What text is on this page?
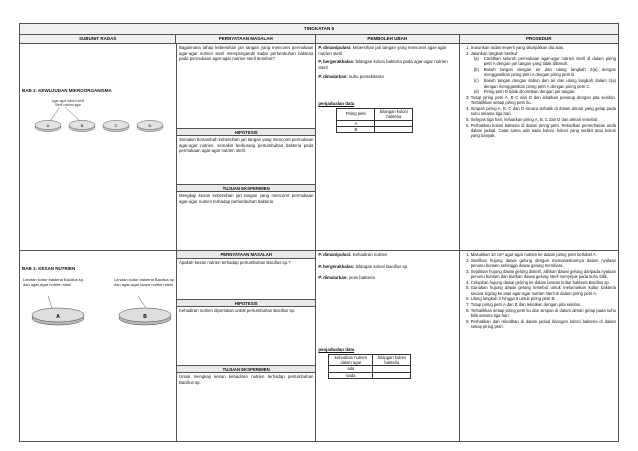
TINGKATAN 5
SUBUNIT RADAS	PERNYATAAN MASALAH	PEMBOLEH UBAH	PROSEDUR
BAB 1: KEWUJUDAN MIKROORGANISMA
Agar-agar nutrien steril
Steril nutrient agar
A	B	C	D
Bagaimana tahap kebersihan jari tangan yang mencoret permukaan agar-agar nutrien steril mempengaruhi kadar pertumbuhan bakteria pada permukaan agar-agar nutrien steril tersebut?
HIPOTESIS
Semakin bertambah kebersihan jari tangan yang mencoret permukaan agar-agar nutrien, semakin berkurang pertumbuhan bakteria pada permukaan agar-agar nutrien steril.
TUJUAN EKSPERIMEN
Mengkaji kesan kebersihan jari tangan yang mencoret permukaan agar-agar nutrien terhadap pertumbuhan bakteria
P. dimanipulasi: kebersihan jari tangan yang mencoret agar-agar nutrien steril
P. bergerakbalas: bilangan koloni bakteria pada agar-agar nutrien steril
P. dimalarkan: suhu persekitaran
penjadualan data
Piring petri	bilangan koloni bakteria
A	
B	
1. Susunkan radas seperti yang ditunjukkan dia atas.
2. Jalankan langkah berikut:
(a) Coretkan seluruh permukaan agar-agar nutrien steril di dalam piring petri A dengan jari tangan yang tidak dibasuh.
(b) Basuh tangan dengan air dan ulang langkah 2(a) dengan menggantikan piring petri A dengan piring petri B.
(c) Basuh tangan dengan sabun dan air dan ulang langkah dalam 2(a) dengan menggantikan piring petri A dengan piring petri C.
(d) Piring petri D tidak dicoretkan dengan jari tangan.
3. Tutup piring petri A, B C dan D dan lekatkan penutup dengan pita selofan. Terbalikkan setiap piring petri itu.
4. Simpan piring A, B, C dan D secara terbalik di dalam almari yang gelap pada suhu selama tiga hari.
5. Selepas tiga hari, keluarkan piring A, B, C dan D dari almari tersebut.
6. Perhatikan koloni bakteria di dalam piring petri. Rekodkan pemerhatian anda dalam jadual. Catat sama ada tiada koloni, koloni yang sedikit atau koloni yang banyak.
BAB 1: KESAN NUTRIEN
Larutan kultur bakteria Bacillus sp. dan agar-agar nutrien steril
Larutan kultur bakteria Bacillus sp. dan agar-agar tanpa nutrien steril
A	B
PERNYATAAN MASALAH
Apakah kesan nutrien terhadap pertumbuhan Bacillus sp.?
HIPOTESIS
Kehadiran nutrien diperlukan untuk pertumbuhan Bacillus sp.
TUJUAN EKSPERIMEN
Untuk mengkaji kesan kehadiran nutrien terhadap pertumbuhan Bacillus sp.
P. dimanipulasi: Kehadiran nutrien
P. bergerakbalas: bilangan koloni Bacillus sp.
P. dimalarkan: jenis bakteria
penjadualan data
kehadiran nutrien dalam agar	bilangan koloni bakteria
ada	
tiada	
1. Masukkan 10 cm³ agar-agar nutrien ke dalam piring petri berlabel A.
2. Sterilkan hujung dawai gelung dengan memanaskannya dalam nyalaan penunu bunsen sehingga dawai gelung membara.
3. Sejukkan hujung dawai gelung disteril, alihkan dawai gelung daripada nyalaan penunu bunsen dan biarkan dawai gelung steril menyejuk pada suhu bilik.
4. Celupkan hujung dawai gelung ke dalam larutan kultur bakteria Bacillus sp.
5. Gunakan hujung dawai gelung tersebut untuk melumurkan kultur bakteria secara zigzag ke atas agar-agar nutrien steril di dalam piring petri A.
6. Ulang langkah 2 hingga 5 untuk piring petri B.
7. Tutup piring petri A dan B dan lekatkan dengan pita selofan.
8. Terbalikkan setiap piring petri itu dan simpan di dalam almari gelap pada suhu bilik selama tiga hari.
9. Perhatikan dan rekodkan di dalam jadual bilangan koloni bakteria di dalam setiap piring petri.
